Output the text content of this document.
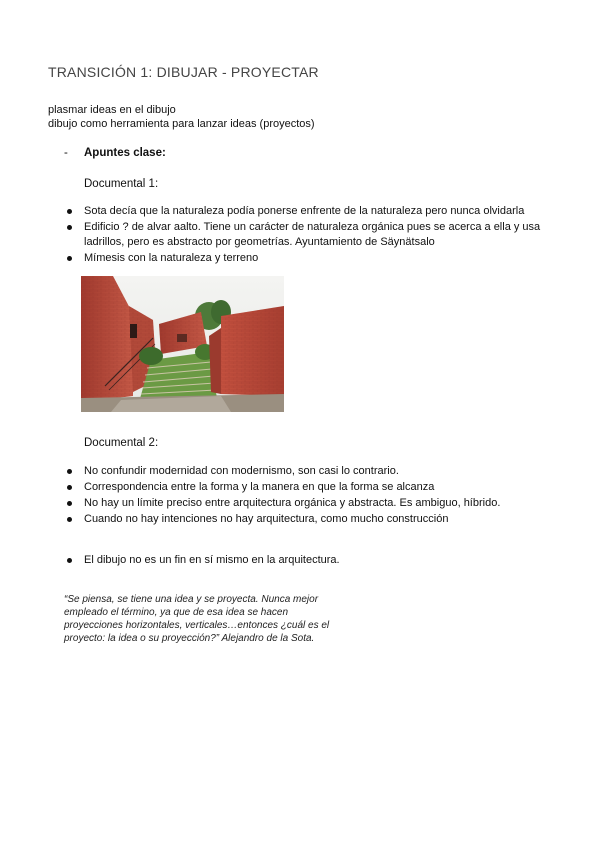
TRANSICIÓN 1: DIBUJAR - PROYECTAR
plasmar ideas en el dibujo
dibujo como herramienta para lanzar ideas (proyectos)
- Apuntes clase:
Documental 1:
Sota decía que la naturaleza podía ponerse enfrente de la naturaleza pero nunca olvidarla
Edificio ? de alvar aalto. Tiene un carácter de naturaleza orgánica pues se acerca a ella y usa ladrillos, pero es abstracto por geometrías. Ayuntamiento de Säynätsalo
Mímesis con la naturaleza y terreno
Documental 2:
No confundir modernidad con modernismo, son casi lo contrario.
Correspondencia entre la forma y la manera en que la forma se alcanza
No hay un límite preciso entre arquitectura orgánica y abstracta. Es ambiguo, híbrido.
Cuando no hay intenciones no hay arquitectura, como mucho construcción
El dibujo no es un fin en sí mismo en la arquitectura.
“Se piensa, se tiene una idea y se proyecta. Nunca mejor empleado el término, ya que de esa idea se hacen proyecciones horizontales, verticales…entonces ¿cuál es el proyecto: la idea o su proyección?” Alejandro de la Sota.
